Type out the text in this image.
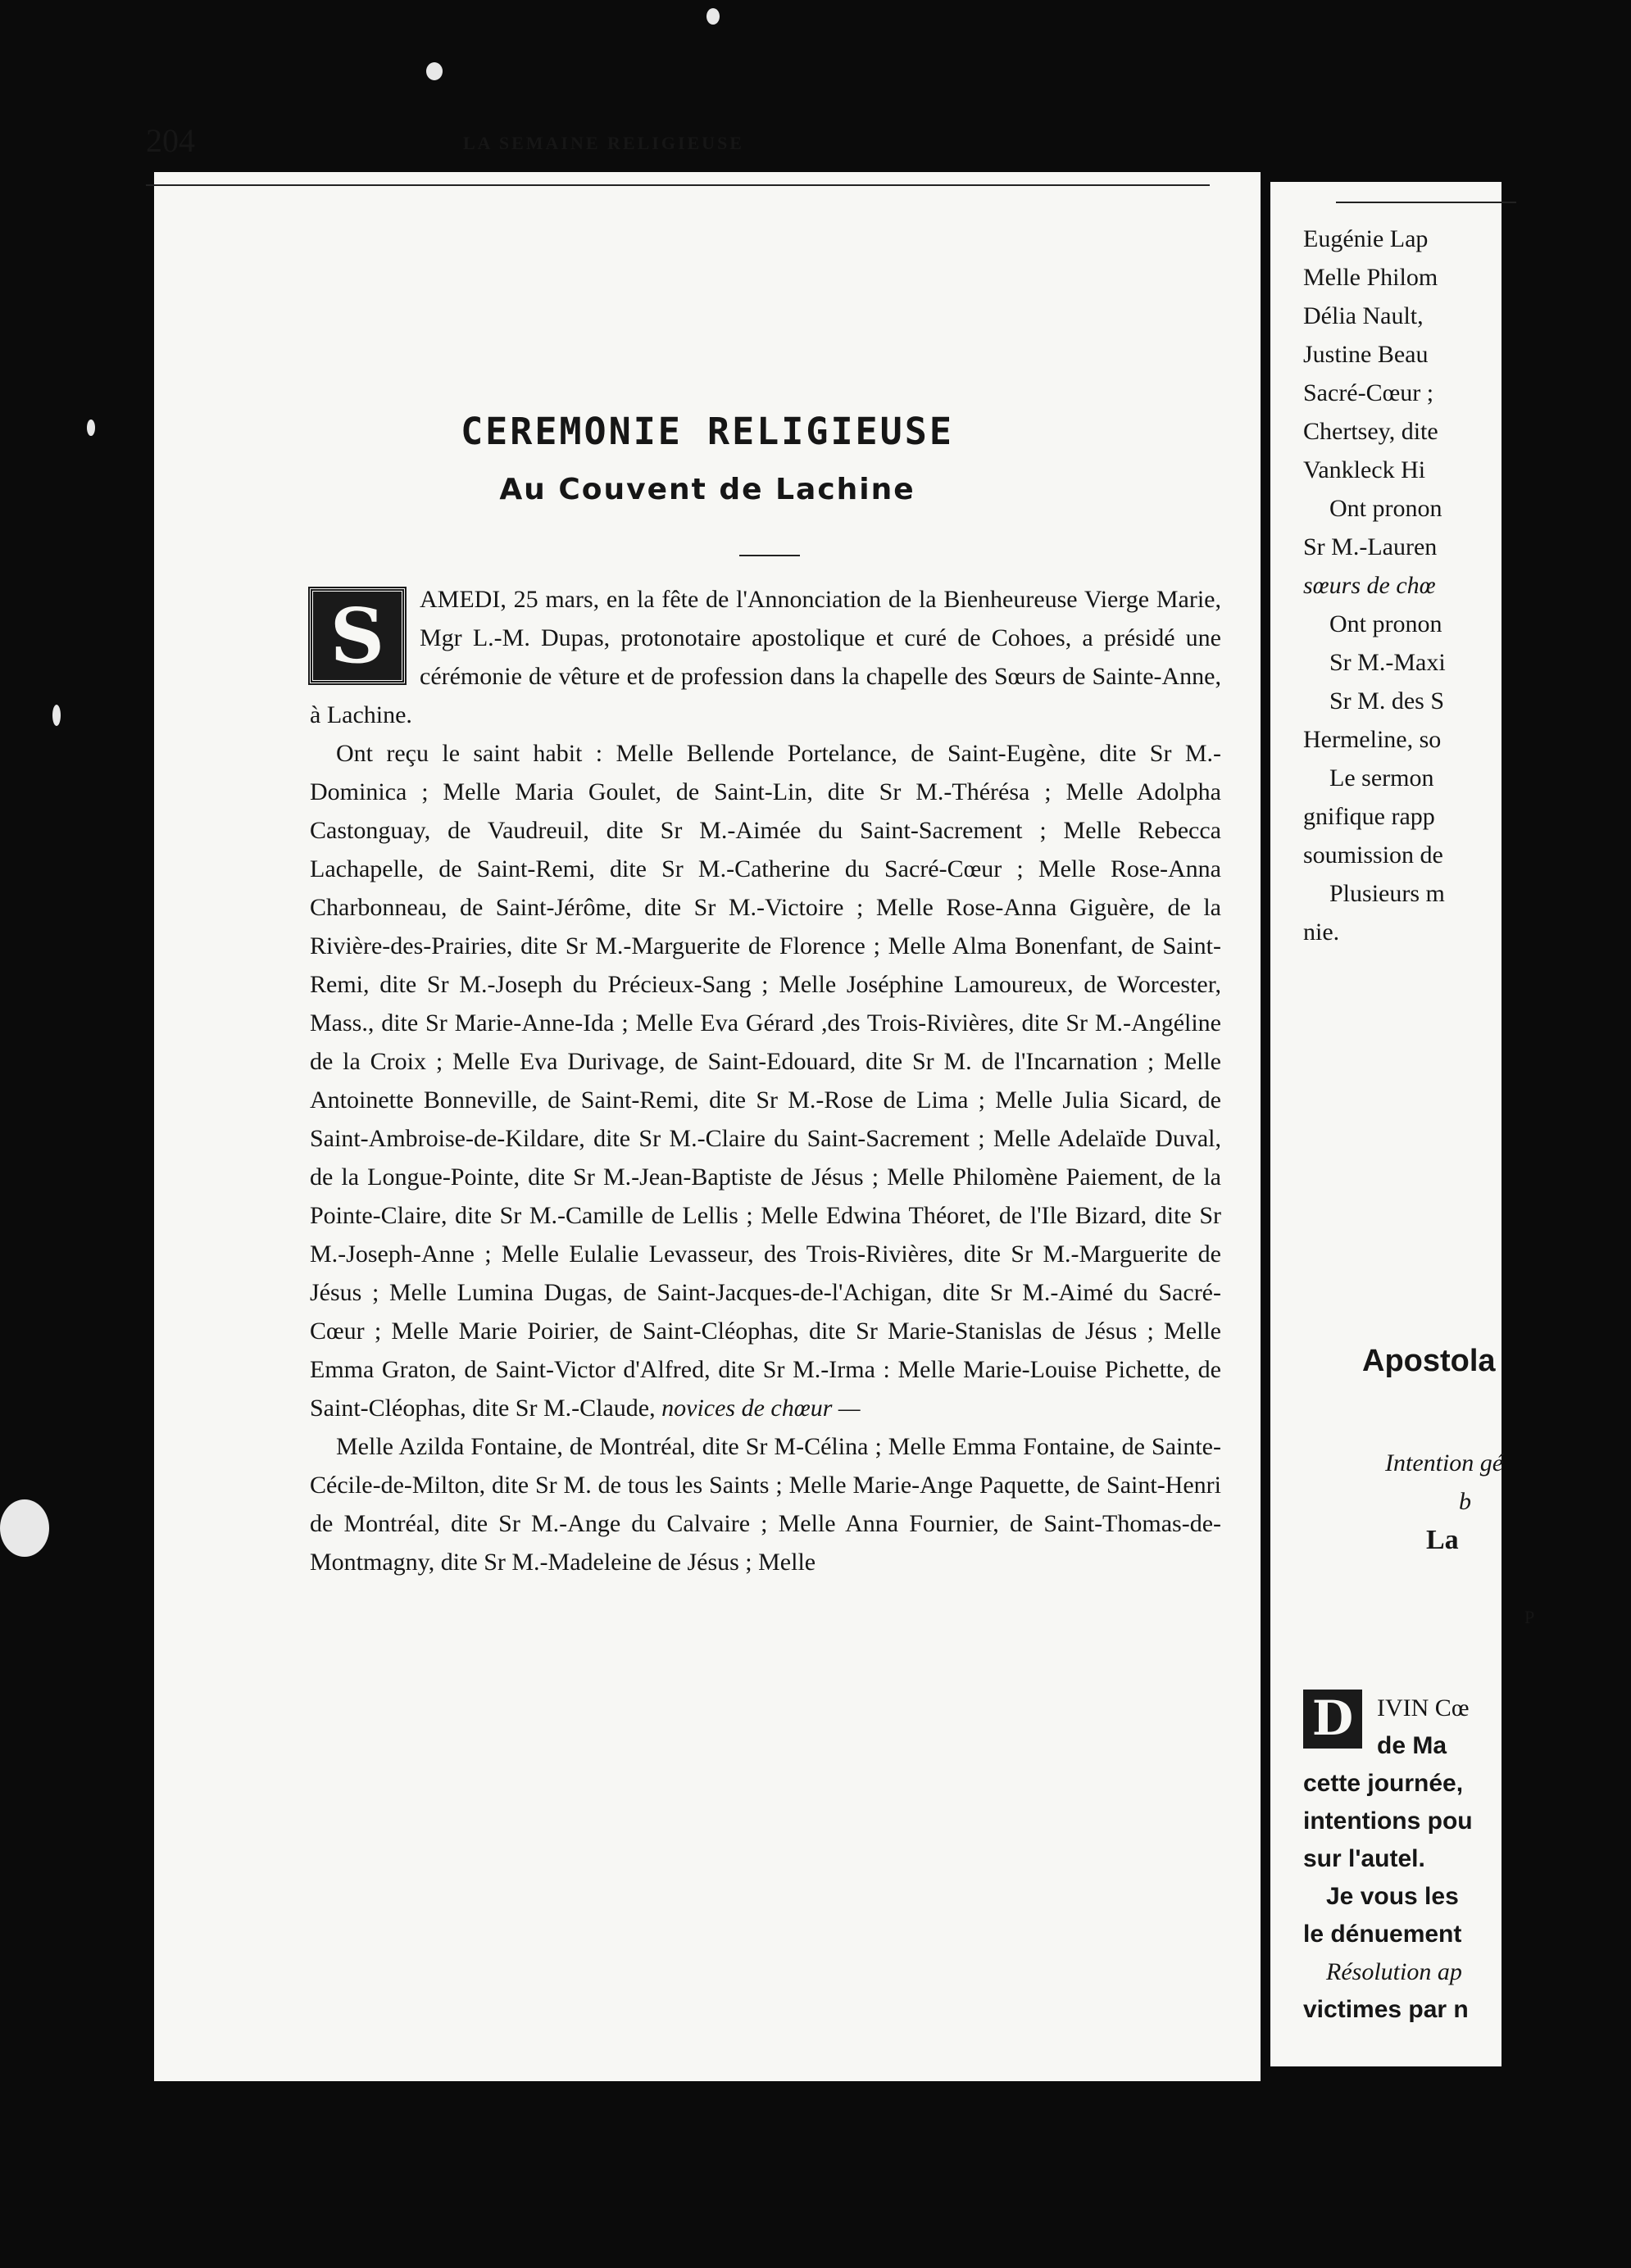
CEREMONIE RELIGIEUSE
Au Couvent de Lachine

S	AMEDI, 25 mars, en la fête de l'Annonciation de la Bienheureuse Vierge Marie, Mgr L.-M. Dupas, protonotaire apostolique et curé de Cohoes, a présidé une cérémonie de vêture et de profession dans la chapelle des Sœurs de Sainte-Anne, à Lachine.

Ont reçu le saint habit : Melle Bellende Portelance, de Saint-Eugène, dite Sr M.-Dominica ; Melle Maria Goulet, de Saint-Lin, dite Sr M.-Thérésa ; Melle Adolpha Castonguay, de Vaudreuil, dite Sr M.-Aimée du Saint-Sacrement ; Melle Rebecca Lachapelle, de Saint-Remi, dite Sr M.-Catherine du Sacré-Cœur ; Melle Rose-Anna Charbonneau, de Saint-Jérôme, dite Sr M.-Victoire ; Melle Rose-Anna Giguère, de la Rivière-des-Prairies, dite Sr M.-Marguerite de Florence ; Melle Alma Bonenfant, de Saint-Remi, dite Sr M.-Joseph du Précieux-Sang ; Melle Joséphine Lamoureux, de Worcester, Mass., dite Sr Marie-Anne-Ida ; Melle Eva Gérard ,des Trois-Rivières, dite Sr M.-Angéline de la Croix ; Melle Eva Durivage, de Saint-Edouard, dite Sr M. de l'Incarnation ; Melle Antoinette Bonneville, de Saint-Remi, dite Sr M.-Rose de Lima ; Melle Julia Sicard, de Saint-Ambroise-de-Kildare, dite Sr M.-Claire du Saint-Sacrement ; Melle Adelaïde Duval, de la Longue-Pointe, dite Sr M.-Jean-Baptiste de Jésus ; Melle Philomène Paiement, de la Pointe-Claire, dite Sr M.-Camille de Lellis ; Melle Edwina Théoret, de l'Ile Bizard, dite Sr M.-Joseph-Anne ; Melle Eulalie Levasseur, des Trois-Rivières, dite Sr M.-Marguerite de Jésus ; Melle Lumina Dugas, de Saint-Jacques-de-l'Achigan, dite Sr M.-Aimé du Sacré-Cœur ; Melle Marie Poirier, de Saint-Cléophas, dite Sr Marie-Stanislas de Jésus ; Melle Emma Graton, de Saint-Victor d'Alfred, dite Sr M.-Irma : Melle Marie-Louise Pichette, de Saint-Cléophas, dite Sr M.-Claude, novices de chœur —

Melle Azilda Fontaine, de Montréal, dite Sr M-Célina ; Melle Emma Fontaine, de Sainte-Cécile-de-Milton, dite Sr M. de tous les Saints ; Melle Marie-Ange Paquette, de Saint-Henri de Montréal, dite Sr M.-Ange du Calvaire ; Melle Anna Fournier, de Saint-Thomas-de-Montmagny, dite Sr M.-Madeleine de Jésus ; Melle

204	LA SEMAINE RELIGIEUSE
Eugénie Lap
Melle Philom
Délia Nault,
Justine Beau
Sacré-Cœur ;
Chertsey, dite
Vankleck Hi
Ont pronon
Sr M.-Lauren
sœurs de chœ
Ont pronon
Sr M.-Maxi
Sr M. des S
Hermeline, so
Le sermon
gnifique rapp
soumission de
Plusieurs m
nie.
Apostola
Intention gé
b
La
P
D IVIN Cœ
de Ma
cette journée,
intentions pou
sur l'autel.
Je vous les
le dénuement
Résolution ap
victimes par n
